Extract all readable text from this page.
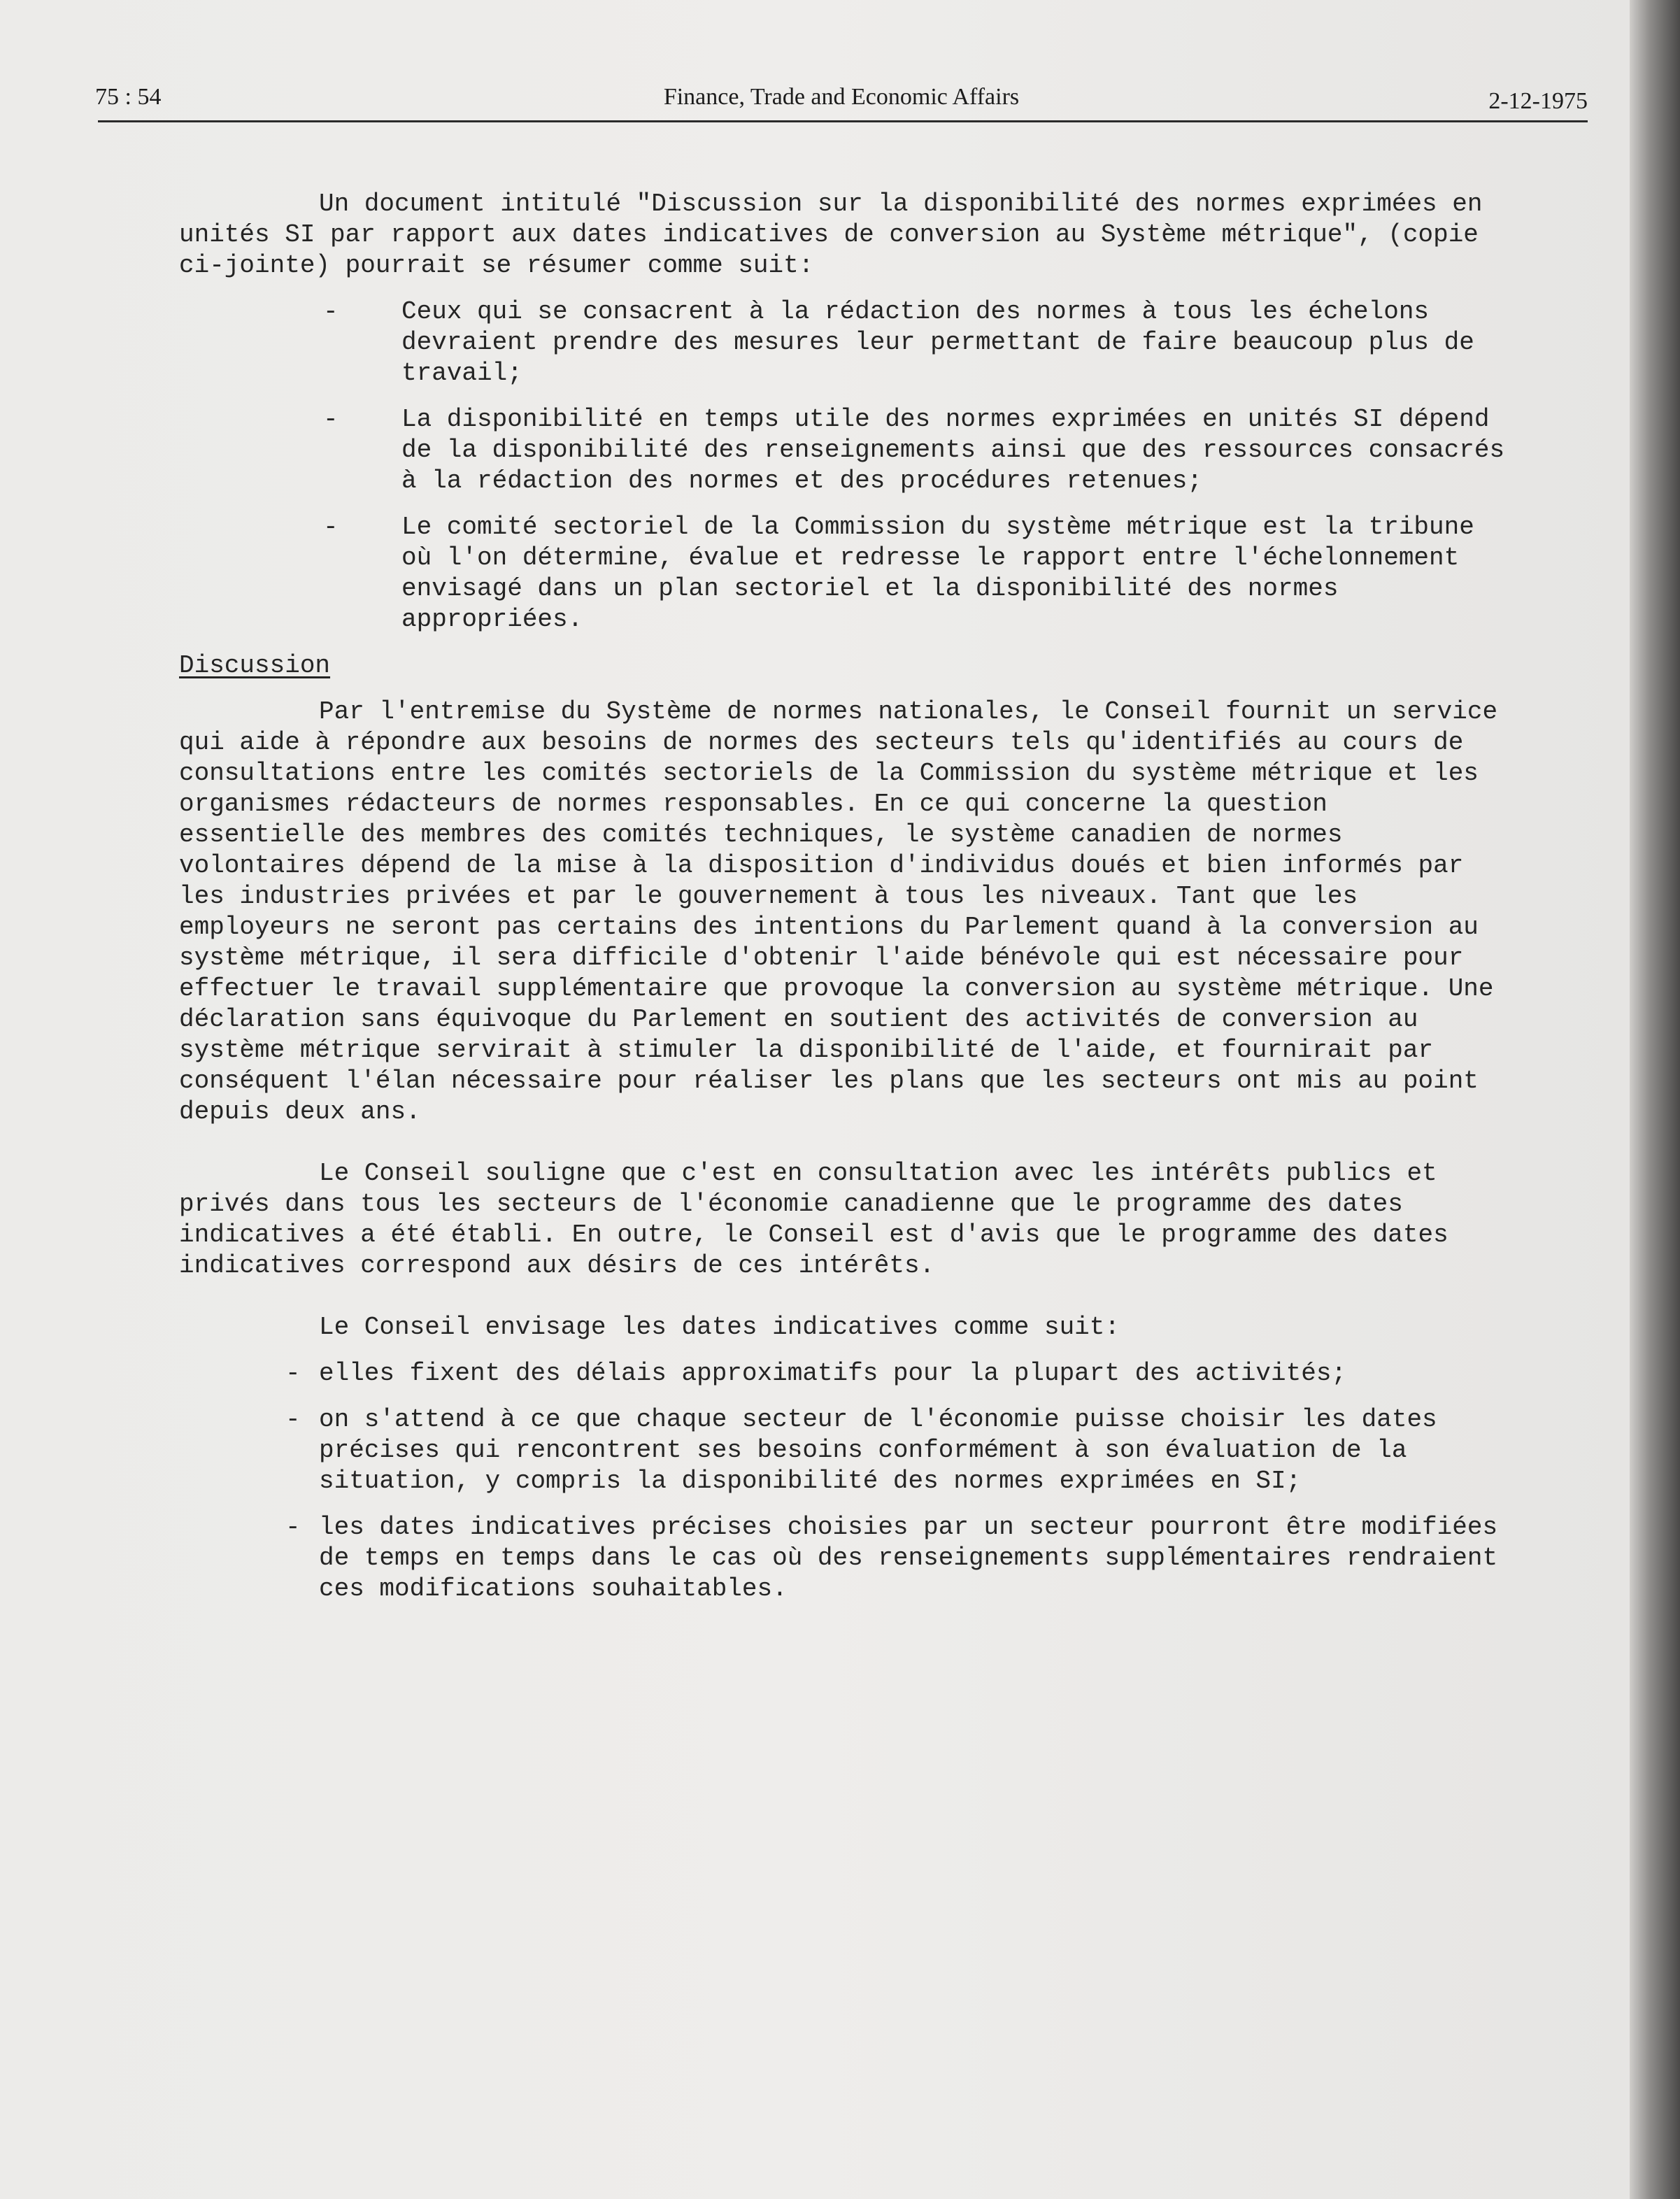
75 : 54	Finance, Trade and Economic Affairs	2-12-1975

Un document intitulé "Discussion sur la disponibilité des normes exprimées en unités SI par rapport aux dates indicatives de conversion au Système métrique", (copie ci-jointe) pourrait se résumer comme suit:

-	Ceux qui se consacrent à la rédaction des normes à tous les échelons devraient prendre des mesures leur permettant de faire beaucoup plus de travail;
-	La disponibilité en temps utile des normes exprimées en unités SI dépend de la disponibilité des renseignements ainsi que des ressources consacrés à la rédaction des normes et des procédures retenues;
-	Le comité sectoriel de la Commission du système métrique est la tribune où l'on détermine, évalue et redresse le rapport entre l'échelonnement envisagé dans un plan sectoriel et la disponibilité des normes appropriées.

Discussion

Par l'entremise du Système de normes nationales, le Conseil fournit un service qui aide à répondre aux besoins de normes des secteurs tels qu'identifiés au cours de consultations entre les comités sectoriels de la Commission du système métrique et les organismes rédacteurs de normes responsables. En ce qui concerne la question essentielle des membres des comités techniques, le système canadien de normes volontaires dépend de la mise à la disposition d'individus doués et bien informés par les industries privées et par le gouvernement à tous les niveaux. Tant que les employeurs ne seront pas certains des intentions du Parlement quand à la conversion au système métrique, il sera difficile d'obtenir l'aide bénévole qui est nécessaire pour effectuer le travail supplémentaire que provoque la conversion au système métrique. Une déclaration sans équivoque du Parlement en soutient des activités de conversion au système métrique servirait à stimuler la disponibilité de l'aide, et fournirait par conséquent l'élan nécessaire pour réaliser les plans que les secteurs ont mis au point depuis deux ans.

Le Conseil souligne que c'est en consultation avec les intérêts publics et privés dans tous les secteurs de l'économie canadienne que le programme des dates indicatives a été établi. En outre, le Conseil est d'avis que le programme des dates indicatives correspond aux désirs de ces intérêts.

Le Conseil envisage les dates indicatives comme suit:

- elles fixent des délais approximatifs pour la plupart des activités;
- on s'attend à ce que chaque secteur de l'économie puisse choisir les dates précises qui rencontrent ses besoins conformément à son évaluation de la situation, y compris la disponibilité des normes exprimées en SI;
- les dates indicatives précises choisies par un secteur pourront être modifiées de temps en temps dans le cas où des renseignements supplémentaires rendraient ces modifications souhaitables.
